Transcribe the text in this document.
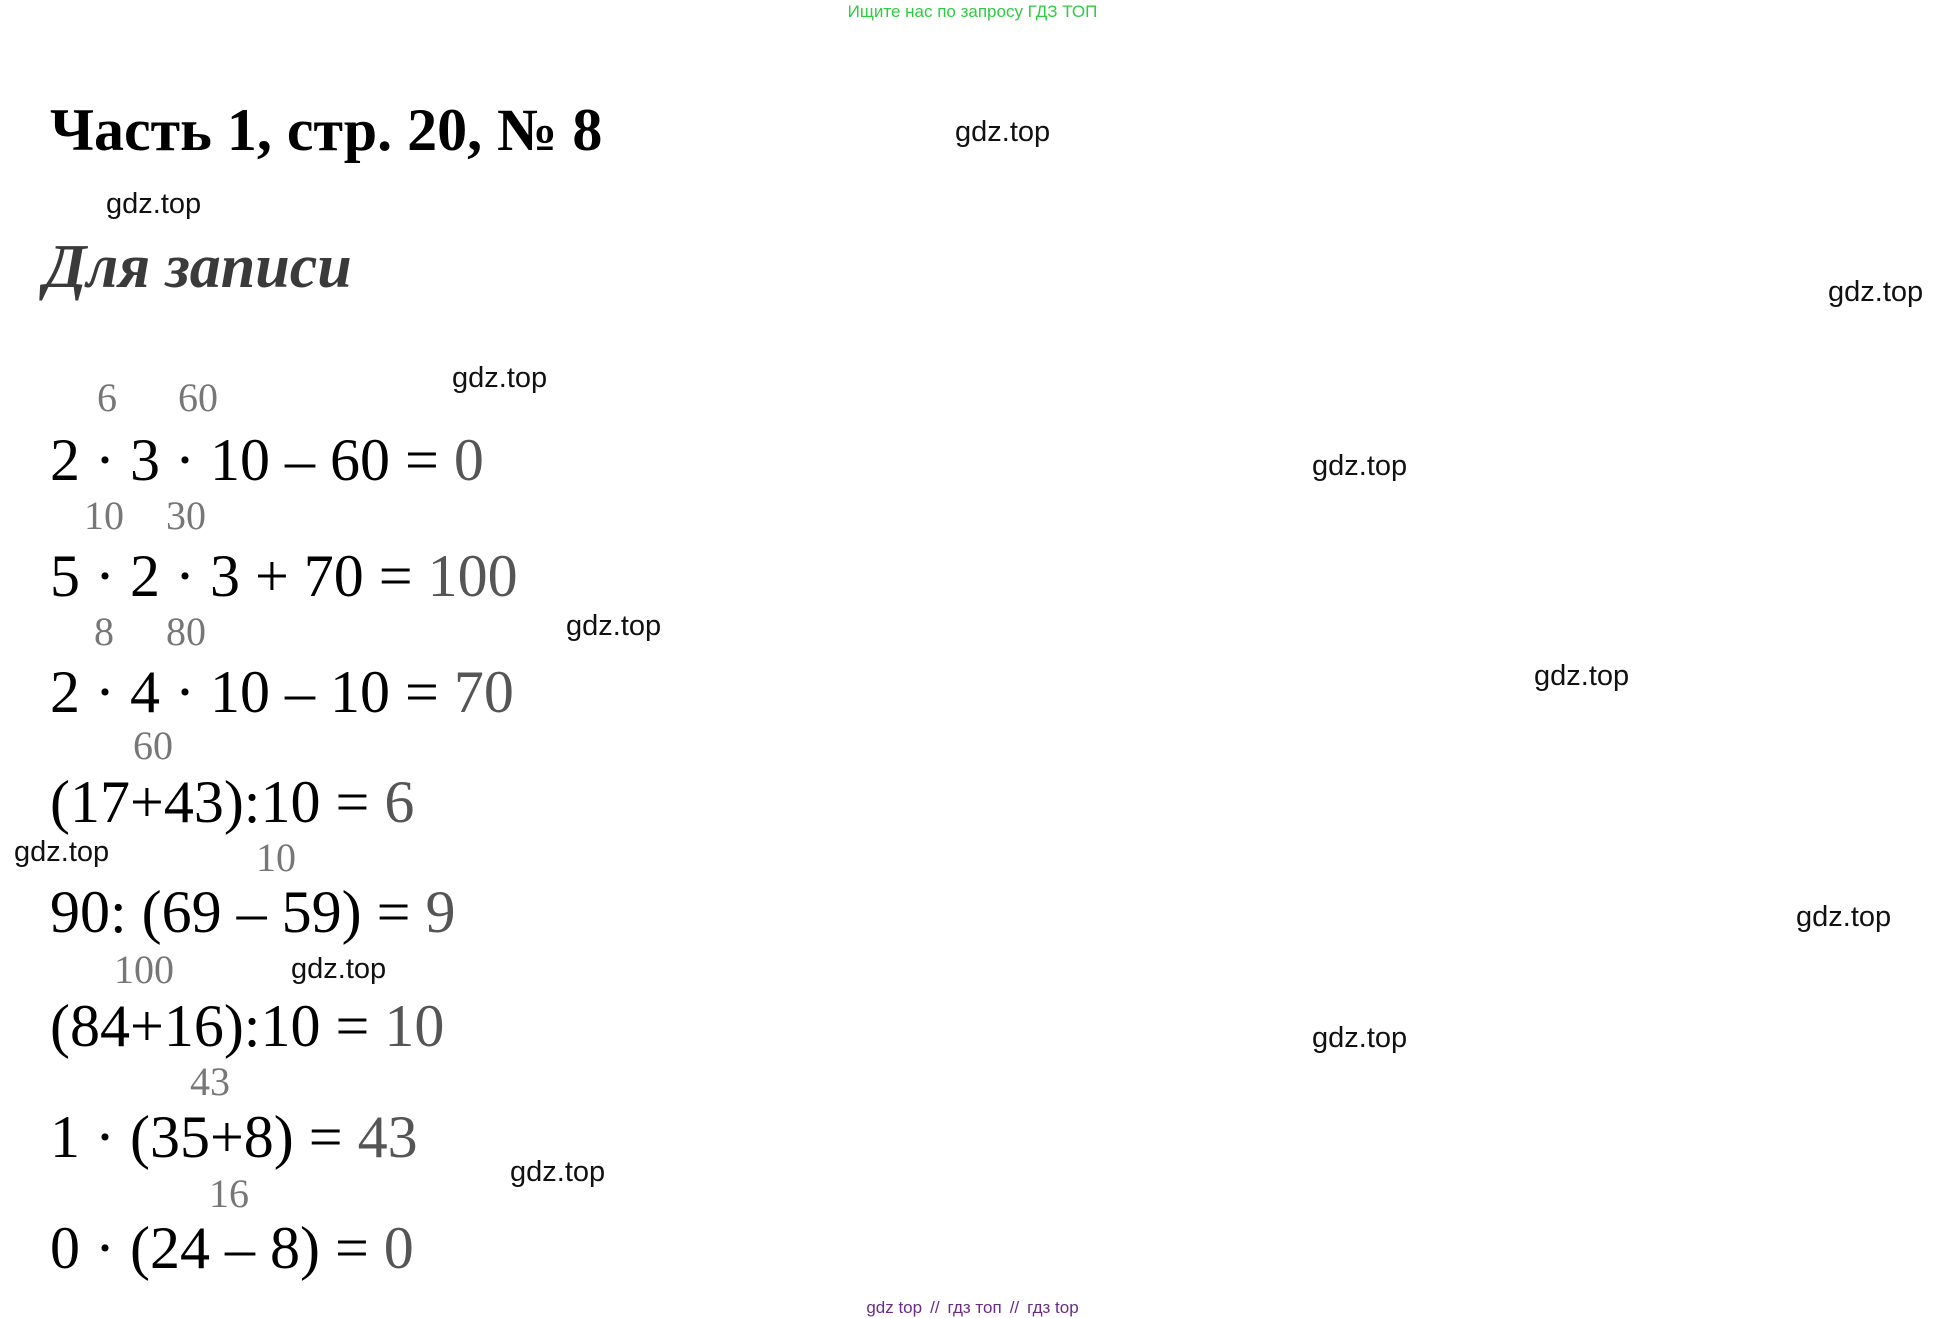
Ищите нас по запросу ГДЗ ТОП
Часть 1, стр. 20, № 8
Для записи
gdz.top
gdz.top
gdz.top
gdz.top
gdz.top
gdz.top
gdz.top
gdz.top
gdz.top
gdz.top
gdz.top
gdz.top
6 60
2 · 3 · 10 – 60 = 0
10 30
5 · 2 · 3 + 70 = 100
8 80
2 · 4 · 10 – 10 = 70
60
(17+43):10 = 6
10
90: (69 – 59) = 9
100
(84+16):10 = 10
43
1 · (35+8) = 43
16
0 · (24 – 8) = 0
gdz top // гдз топ // гдз top
